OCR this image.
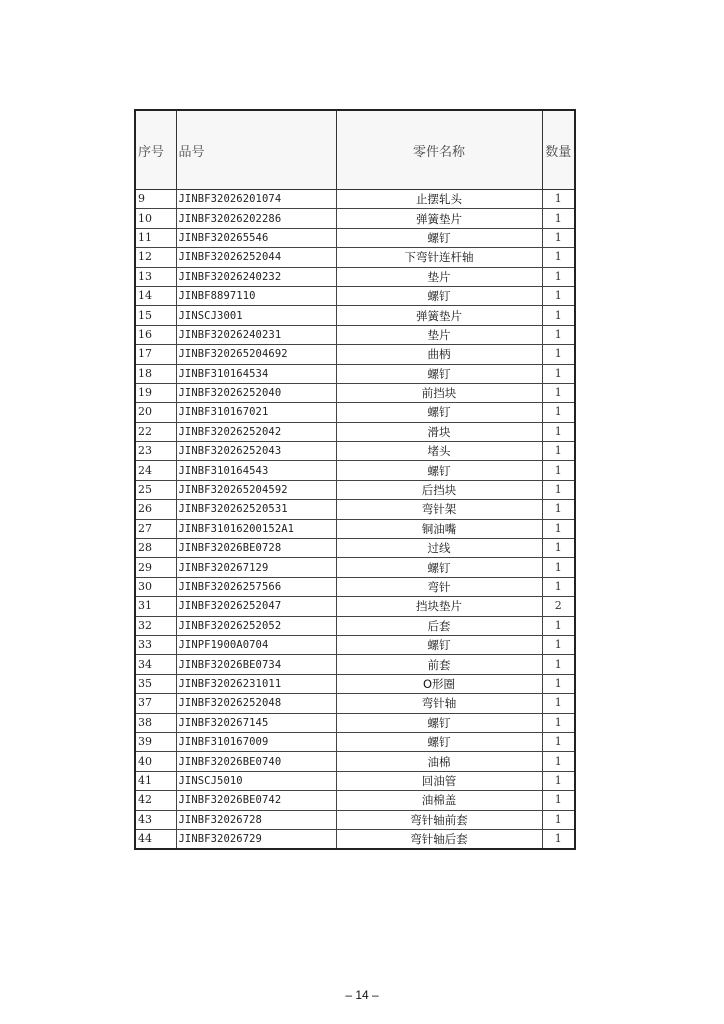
序号	品号	零件名称	数量
9	JINBF32026201074	止摆轧头	1
10	JINBF32026202286	弹簧垫片	1
11	JINBF320265546	螺钉	1
12	JINBF32026252044	下弯针连杆轴	1
13	JINBF32026240232	垫片	1
14	JINBF8897110	螺钉	1
15	JINSCJ3001	弹簧垫片	1
16	JINBF32026240231	垫片	1
17	JINBF320265204692	曲柄	1
18	JINBF310164534	螺钉	1
19	JINBF32026252040	前挡块	1
20	JINBF310167021	螺钉	1
22	JINBF32026252042	滑块	1
23	JINBF32026252043	堵头	1
24	JINBF310164543	螺钉	1
25	JINBF320265204592	后挡块	1
26	JINBF320262520531	弯针架	1
27	JINBF31016200152A1	铜油嘴	1
28	JINBF32026BE0728	过线	1
29	JINBF320267129	螺钉	1
30	JINBF32026257566	弯针	1
31	JINBF32026252047	挡块垫片	2
32	JINBF32026252052	后套	1
33	JINPF1900A0704	螺钉	1
34	JINBF32026BE0734	前套	1
35	JINBF32026231011	O形圈	1
37	JINBF32026252048	弯针轴	1
38	JINBF320267145	螺钉	1
39	JINBF310167009	螺钉	1
40	JINBF32026BE0740	油棉	1
41	JINSCJ5010	回油管	1
42	JINBF32026BE0742	油棉盖	1
43	JINBF32026728	弯针轴前套	1
44	JINBF32026729	弯针轴后套	1
– 14 –
